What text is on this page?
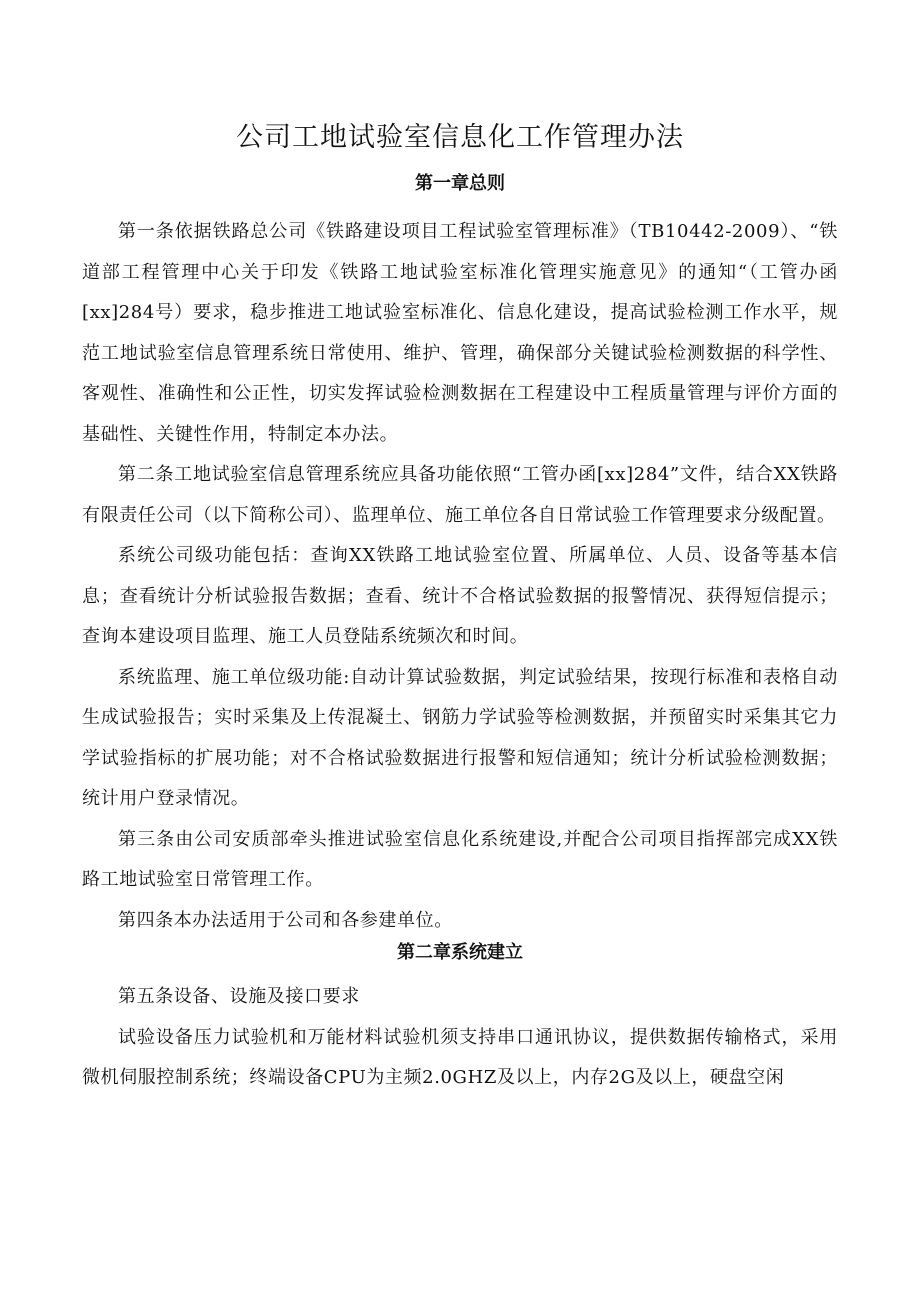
公司工地试验室信息化工作管理办法
第一章总则

第一条依据铁路总公司《铁路建设项目工程试验室管理标准》（TB10442-2009）、“铁道部工程管理中心关于印发《铁路工地试验室标准化管理实施意见》的通知“（工管办函[xx]284号）要求，稳步推进工地试验室标准化、信息化建设，提高试验检测工作水平，规范工地试验室信息管理系统日常使用、维护、管理，确保部分关键试验检测数据的科学性、客观性、准确性和公正性，切实发挥试验检测数据在工程建设中工程质量管理与评价方面的基础性、关键性作用，特制定本办法。

第二条工地试验室信息管理系统应具备功能依照“工管办函[xx]284”文件，结合XX铁路有限责任公司（以下简称公司）、监理单位、施工单位各自日常试验工作管理要求分级配置。

系统公司级功能包括：查询XX铁路工地试验室位置、所属单位、人员、设备等基本信息；查看统计分析试验报告数据；查看、统计不合格试验数据的报警情况、获得短信提示；查询本建设项目监理、施工人员登陆系统频次和时间。

系统监理、施工单位级功能:自动计算试验数据，判定试验结果，按现行标准和表格自动生成试验报告；实时采集及上传混凝土、钢筋力学试验等检测数据，并预留实时采集其它力学试验指标的扩展功能；对不合格试验数据进行报警和短信通知；统计分析试验检测数据；统计用户登录情况。

第三条由公司安质部牵头推进试验室信息化系统建设,并配合公司项目指挥部完成XX铁路工地试验室日常管理工作。

第四条本办法适用于公司和各参建单位。

第二章系统建立

第五条设备、设施及接口要求

试验设备压力试验机和万能材料试验机须支持串口通讯协议，提供数据传输格式，采用微机伺服控制系统；终端设备CPU为主频2.0GHZ及以上，内存2G及以上，硬盘空闲
